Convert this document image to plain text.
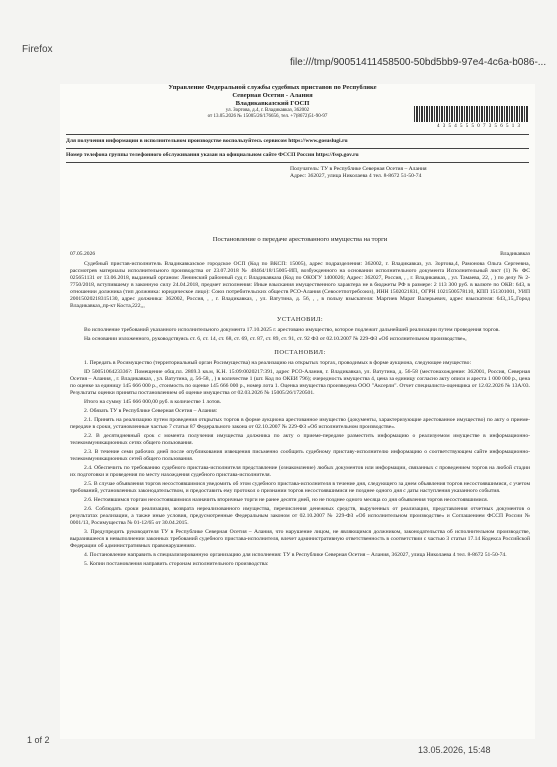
Firefox
file:///tmp/90051411458500-50bd5bb9-97e4-4c6a-b086-...
Управление Федеральной службы судебных приставов по Республике
Северная Осетия - Алания
Владикавказский ГОСП
ул. Зортова, д.4, г. Владикавказ, 362002
от 13.05.2026 № 15005/26/176656, тел. +7(8672)51-90-97
4 3 5 4 5 5 5 0 7 3 5 6 5 1 3
Для получения информации в исполнительном производстве воспользуйтесь сервисом https://www.gosuslugi.ru
Номер телефона группы телефонного обслуживания указан на официальном сайте ФССП России https://fssp.gov.ru
Получатель: ТУ в Республике Северная Осетия – Алания
Адрес: 362027, улица Николаева 4 тел. 8-8672 51-50-74
Постановление о передаче арестованного имущества на торги
07.05.2026	Владикавказ

Судебный пристав-исполнитель Владикавказское городское ОСП (Код по ВКСП: 15005), адрес подразделения: 362002, г. Владикавказ, ул. Зортова,4, Рамонова Ольга Сергеевна, рассмотрев материалы исполнительного производства от 23.07.2018 № 48464/18/15005-ИП, возбужденного на основании исполнительного документа Исполнительный лист (1) № ФС 025651131 от 13.06.2018, выданный органом: Ленинский районный суд г. Владикавказа (Код по ОКОГУ 1400026; Адрес: 362027, Россия, , , г. Владикавказ, , ул. Тамаева, 22, , ) по делу № 2-7750/2018, вступившему в законную силу 24.04.2018, предмет исполнения: Иные взыскания имущественного характера не в бюджеты РФ в размере: 2 113 300 руб. в валюте по ОКВ: 643, в отношении должника (тип должника: юридическое лицо): Союз потребительских обществ РСО-Алания (Севосетпотребсоюз), ИНН 1502021831, ОГРН 1021500578110, КПП 151301001, УИП 20015020218315130, адрес должника: 362002, Россия, , , г. Владикавказ, , ул. Ватутина, д. 56, , , в пользу взыскателя: Маргиев Марат Валерьевич, адрес взыскателя: 643,,15,,Город Владикавказ,,пр-кт Коста,222,,,

УСТАНОВИЛ:

Во исполнение требований указанного исполнительного документа 17.10.2025 г. арестовано имущество, которое подлежит дальнейшей реализации путем проведения торгов.

На основании изложенного, руководствуясь ст. 6, ст. 14, ст. 68, ст. 69, ст. 87, ст. 89, ст. 91, ст. 92 ФЗ от 02.10.2007 № 229-ФЗ «Об исполнительном производстве»,

ПОСТАНОВИЛ:

1. Передать в Росимущество (территориальный орган Росимущества) на реализацию на открытых торгах, проводимых в форме аукциона, следующее имущество:

ID 5005106423336?: Помещение общ.пл. 2869.3 кв.м, К.Н. 15:09:0020217:391, адрес РСО-Алания, г. Владикавказ, ул. Ватутина, д. 56-58 (местонахождение: 362001, Россия, Северная Осетия – Алания, , г. Владикавказ, , ул. Ватутина, д. 56-58, , ) в количестве 1 (шт. Код по ОКЕИ 796); очередность имущества 4, цена за единицу согласно акту описи и ареста 1 000 000 р., цена по оценке за единицу 145 666 000 р., стоимость по оценке 145 666 000 р., номер лота 1. Оценка имущества произведена ООО "Аксерли". Отчет специалиста-оценщика от 12.02.2026 № 13А/03. Результаты оценки приняты постановлением об оценке имущества от 02.03.2026 № 15005/26/1720501.

Итого на сумму 145 666 000,00 руб. в количестве 1 лотов.

2. Обязать ТУ в Республике Северная Осетия – Алания:

2.1. Принять на реализацию путем проведения открытых торгов в форме аукциона арестованное имущество (документы, характеризующие арестованное имущество) по акту о приеме-передаче в сроки, установленные частью 7 статьи 87 Федерального закона от 02.10.2007 № 229-ФЗ «Об исполнительном производстве».

2.2. В десятидневный срок с момента получения имущества должника по акту о приеме-передаче разместить информацию о реализуемом имуществе в информационно-телекоммуникационных сетях общего пользования.

2.3. В течение семи рабочих дней после опубликования извещения письменно сообщить судебному приставу-исполнителю информацию о соответствующем сайте информационно-телекоммуникационных сетей общего пользования.

2.4. Обеспечить по требованию судебного пристава-исполнителя представление (ознакомление) любых документов или информации, связанных с проведением торгов на любой стадии их подготовки и проведения по месту нахождения судебного пристава-исполнителя.

2.5. В случае объявления торгов несостоявшимися уведомить об этом судебного пристава-исполнителя в течение дня, следующего за днем объявления торгов несостоявшимися, с учетом требований, установленных законодательством, и предоставить ему протокол о признании торгов несостоявшимися не позднее одного дня с даты наступления указанного события.

2.6. Нестоявшимся торгам несостоявшимися назначить вторичные торги не ранее десяти дней, но не позднее одного месяца со дня объявления торгов несостоявшимися.

2.6. Соблюдать сроки реализации, возврата нереализованного имущества, перечисления денежных средств, вырученных от реализации, представления отчетных документов о результатах реализации, а также иные условия, предусмотренные Федеральным законом от 02.10.2007 № 229-ФЗ «Об исполнительном производстве» и Соглашением ФССП России № 0001/13, Росимущества № 01-12/65 от 30.04.2015.

3. Предупредить руководителя ТУ в Республике Северная Осетия – Алания, что нарушение лицом, не являющимся должником, законодательства об исполнительном производстве, выразившееся в невыполнении законных требований судебного пристава-исполнителя, влечет административную ответственность в соответствии с частью 3 статьи 17.14 Кодекса Российской Федерации об административных правонарушениях.

4. Постановление направить в специализированную организацию для исполнения: ТУ в Республике Северная Осетия – Алания, 362027, улица Николаева 4 тел. 8-8672 51-50-74.

5. Копии постановления направить сторонам исполнительного производства:

1 of 2
13.05.2026, 15:48
